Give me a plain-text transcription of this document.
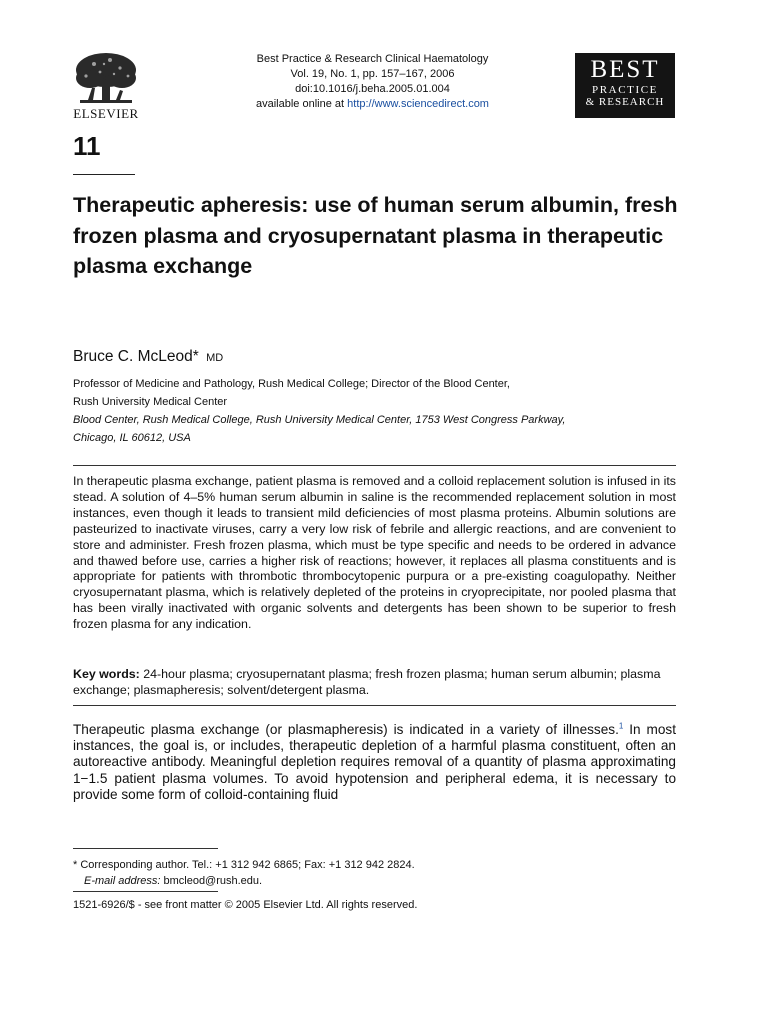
ELSEVIER
Best Practice & Research Clinical Haematology
Vol. 19, No. 1, pp. 157–167, 2006
doi:10.1016/j.beha.2005.01.004
available online at http://www.sciencedirect.com
BEST
PRACTICE
& RESEARCH
11
Therapeutic apheresis: use of human serum albumin, fresh frozen plasma and cryosupernatant plasma in therapeutic plasma exchange
Bruce C. McLeod* MD
Professor of Medicine and Pathology, Rush Medical College; Director of the Blood Center,
Rush University Medical Center
Blood Center, Rush Medical College, Rush University Medical Center, 1753 West Congress Parkway,
Chicago, IL 60612, USA

In therapeutic plasma exchange, patient plasma is removed and a colloid replacement solution is infused in its stead. A solution of 4–5% human serum albumin in saline is the recommended replacement solution in most instances, even though it leads to transient mild deficiencies of most plasma proteins. Albumin solutions are pasteurized to inactivate viruses, carry a very low risk of febrile and allergic reactions, and are convenient to store and administer. Fresh frozen plasma, which must be type specific and needs to be ordered in advance and thawed before use, carries a higher risk of reactions; however, it replaces all plasma constituents and is appropriate for patients with thrombotic thrombocytopenic purpura or a pre-existing coagulopathy. Neither cryosupernatant plasma, which is relatively depleted of the proteins in cryoprecipitate, nor pooled plasma that has been virally inactivated with organic solvents and detergents has been shown to be superior to fresh frozen plasma for any indication.

Key words: 24-hour plasma; cryosupernatant plasma; fresh frozen plasma; human serum albumin; plasma exchange; plasmapheresis; solvent/detergent plasma.

Therapeutic plasma exchange (or plasmapheresis) is indicated in a variety of illnesses.$^1$ In most instances, the goal is, or includes, therapeutic depletion of a harmful plasma constituent, often an autoreactive antibody. Meaningful depletion requires removal of a quantity of plasma approximating 1−1.5 patient plasma volumes. To avoid hypotension and peripheral edema, it is necessary to provide some form of colloid-containing fluid

* Corresponding author. Tel.: +1 312 942 6865; Fax: +1 312 942 2824.
E-mail address: bmcleod@rush.edu.
1521-6926/$ - see front matter © 2005 Elsevier Ltd. All rights reserved.
